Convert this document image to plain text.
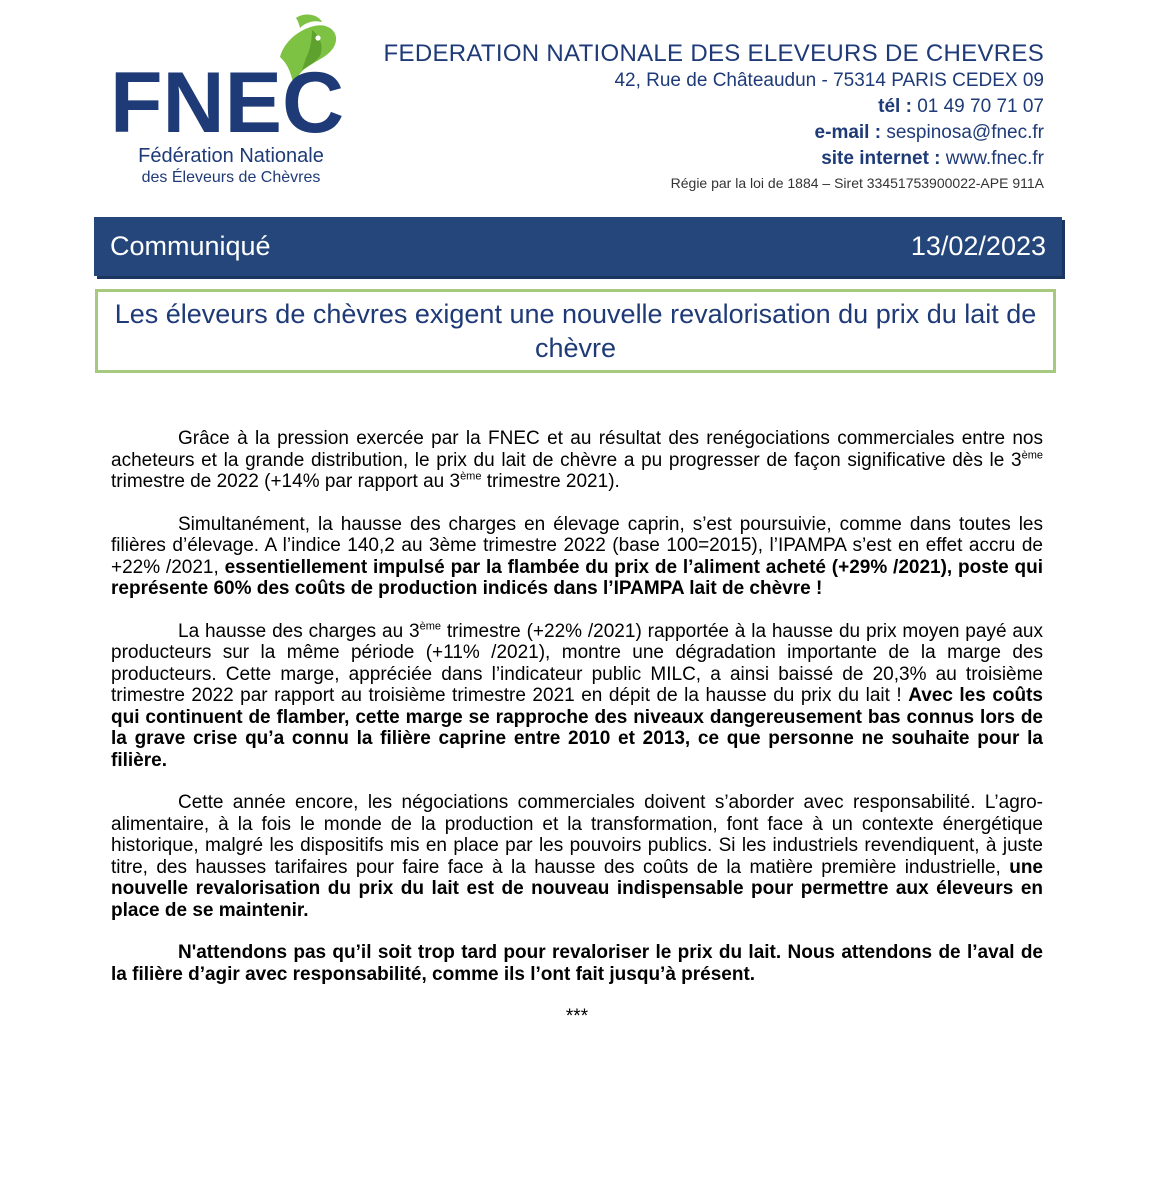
FNEC
Fédération Nationale
des Éleveurs de Chèvres
FEDERATION NATIONALE DES ELEVEURS DE CHEVRES
42, Rue de Châteaudun - 75314 PARIS CEDEX 09
tél : 01 49 70 71 07
e-mail : sespinosa@fnec.fr
site internet : www.fnec.fr
Régie par la loi de 1884 – Siret 33451753900022-APE 911A
Communiqué	13/02/2023
Les éleveurs de chèvres exigent une nouvelle revalorisation du prix du lait de chèvre

Grâce à la pression exercée par la FNEC et au résultat des renégociations commerciales entre nos acheteurs et la grande distribution, le prix du lait de chèvre a pu progresser de façon significative dès le 3ème trimestre de 2022 (+14% par rapport au 3ème trimestre 2021).

Simultanément, la hausse des charges en élevage caprin, s’est poursuivie, comme dans toutes les filières d’élevage. A l’indice 140,2 au 3ème trimestre 2022 (base 100=2015), l’IPAMPA s’est en effet accru de +22% /2021, essentiellement impulsé par la flambée du prix de l’aliment acheté (+29% /2021), poste qui représente 60% des coûts de production indicés dans l’IPAMPA lait de chèvre !

La hausse des charges au 3ème trimestre (+22% /2021) rapportée à la hausse du prix moyen payé aux producteurs sur la même période (+11% /2021), montre une dégradation importante de la marge des producteurs. Cette marge, appréciée dans l’indicateur public MILC, a ainsi baissé de 20,3% au troisième trimestre 2022 par rapport au troisième trimestre 2021 en dépit de la hausse du prix du lait ! Avec les coûts qui continuent de flamber, cette marge se rapproche des niveaux dangereusement bas connus lors de la grave crise qu’a connu la filière caprine entre 2010 et 2013, ce que personne ne souhaite pour la filière.

Cette année encore, les négociations commerciales doivent s’aborder avec responsabilité. L’agro-alimentaire, à la fois le monde de la production et la transformation, font face à un contexte énergétique historique, malgré les dispositifs mis en place par les pouvoirs publics. Si les industriels revendiquent, à juste titre, des hausses tarifaires pour faire face à la hausse des coûts de la matière première industrielle, une nouvelle revalorisation du prix du lait est de nouveau indispensable pour permettre aux éleveurs en place de se maintenir.

N'attendons pas qu’il soit trop tard pour revaloriser le prix du lait. Nous attendons de l’aval de la filière d’agir avec responsabilité, comme ils l’ont fait jusqu’à présent.

***
